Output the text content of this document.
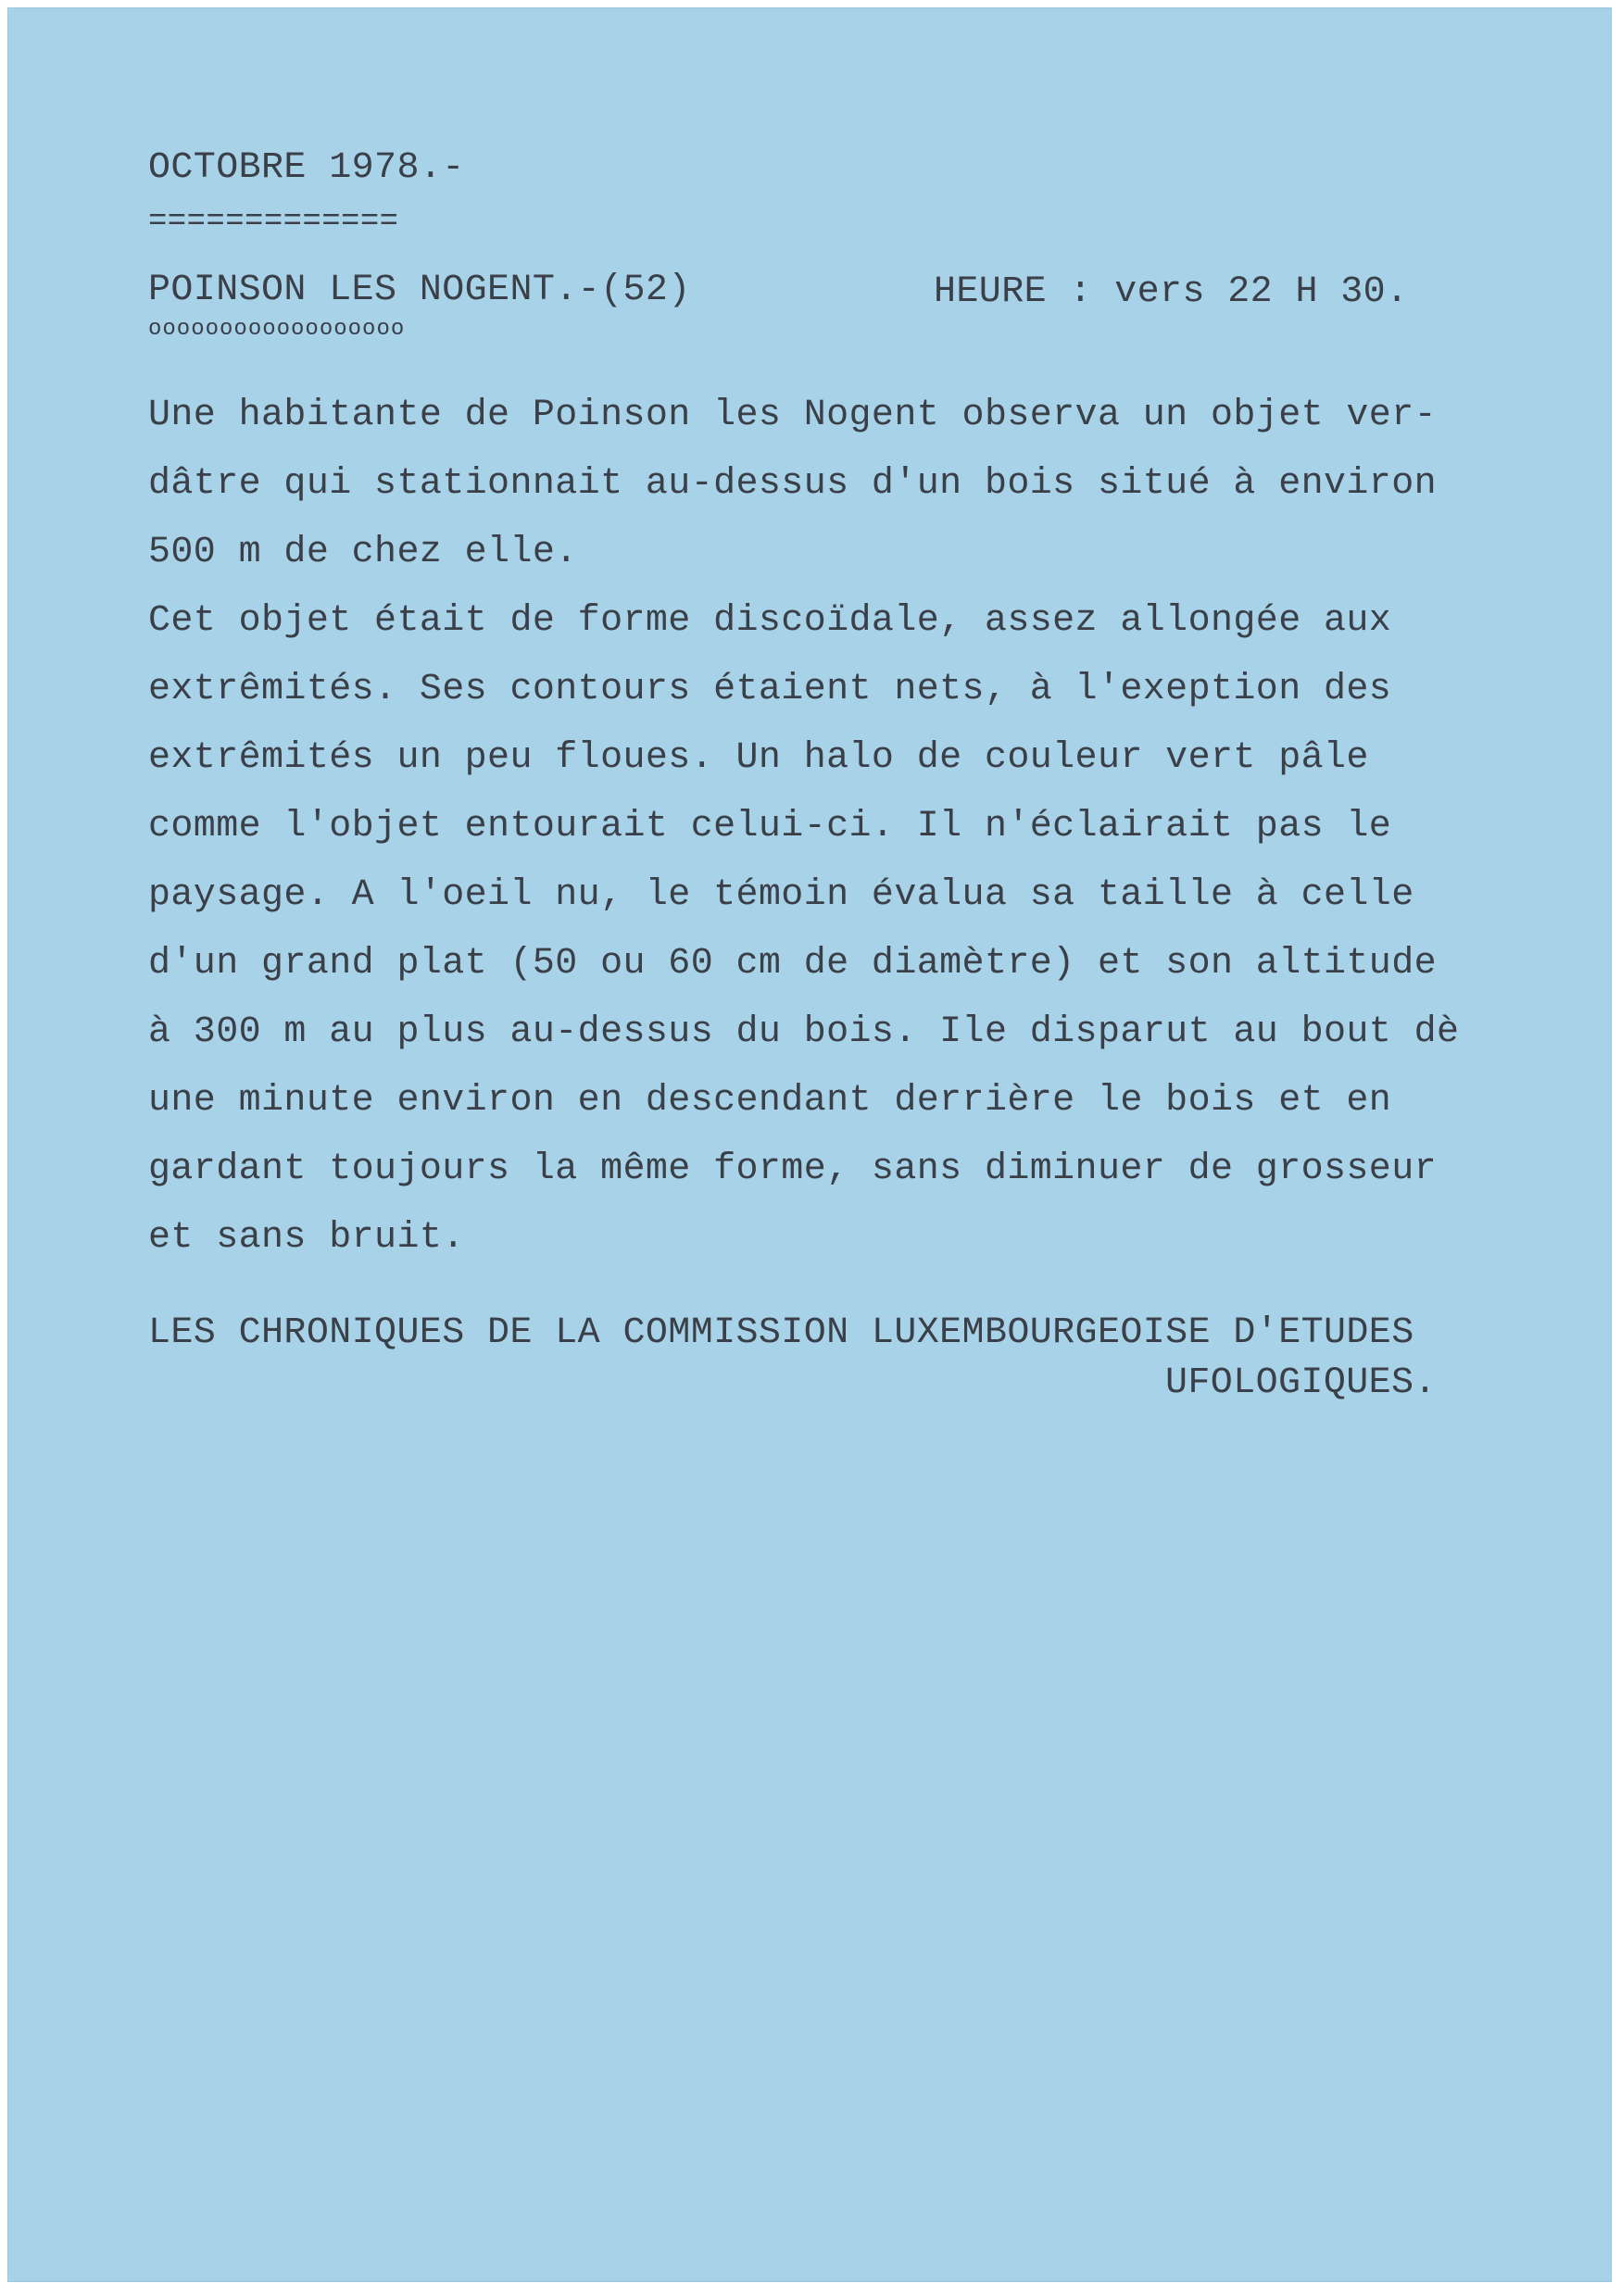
OCTOBRE 1978.-

=============

POINSON LES NOGENT.-(52)

oooooooooooooooooo

HEURE : vers 22 H 30.

Une habitante de Poinson les Nogent observa un objet ver-
dâtre qui stationnait au-dessus d'un bois situé à environ
500 m de chez elle.
Cet objet était de forme discoïdale, assez allongée aux
extrêmités. Ses contours étaient nets, à l'exeption des
extrêmités un peu floues. Un halo de couleur vert pâle
comme l'objet entourait celui-ci. Il n'éclairait pas le
paysage. A l'oeil nu, le témoin évalua sa taille à celle
d'un grand plat (50 ou 60 cm de diamètre) et son altitude
à 300 m au plus au-dessus du bois. Ile disparut au bout dè
une minute environ en descendant derrière le bois et en
gardant toujours la même forme, sans diminuer de grosseur
et sans bruit.

LES CHRONIQUES DE LA COMMISSION LUXEMBOURGEOISE D'ETUDES

UFOLOGIQUES.
